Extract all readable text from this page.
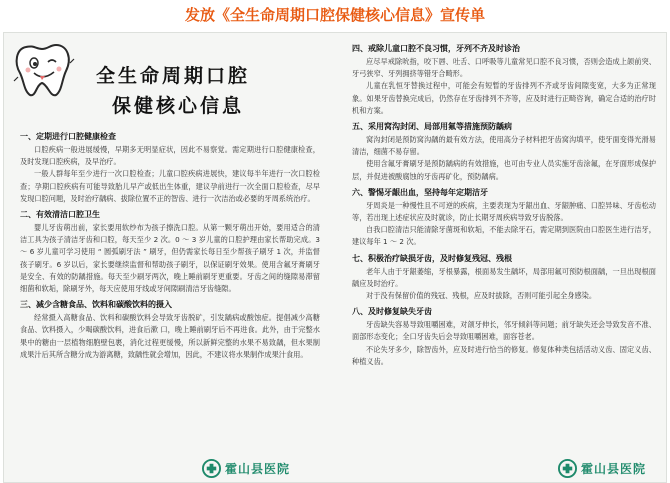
发放《全生命周期口腔保健核心信息》宣传单
全生命周期口腔
保健核心信息
一、定期进行口腔健康检查

口腔疾病一般进展缓慢，早期多无明显症状，因此不易察觉。需定期进行口腔健康检查，及时发现口腔疾病，及早治疗。

一般人群每年至少进行一次口腔检查；儿童口腔疾病进展快，建议每半年进行一次口腔检查；孕期口腔疾病有可能导致胎儿早产或低出生体重，建议孕前进行一次全面口腔检查，尽早发现口腔问题，及时治疗龋病、拔除位置不正的智齿、进行一次洁治或必要的牙周系统治疗。

二、有效清洁口腔卫生

婴儿牙齿萌出前，家长要用软纱布为孩子擦洗口腔。从第一颗牙萌出开始，要用适合的清洁工具为孩子清洁牙齿和口腔，每天至少 2 次。0 ～ 3 岁儿童的口腔护理由家长帮助完成。3 ～ 6 岁儿童可学习使用 “ 圆弧刷牙法 ” 刷牙，但仍需家长每日至少帮孩子刷牙 1 次，并监督孩子刷牙。6 岁以后，家长要继续监督和帮助孩子刷牙，以保证刷牙效果。使用含氟牙膏刷牙是安全、有效的防龋措施。每天至少刷牙两次，晚上睡前刷牙更重要。牙齿之间的缝隙易滞留细菌和软垢，除刷牙外，每天应使用牙线或牙间隙刷清洁牙齿缝隙。

三、减少含糖食品、饮料和碳酸饮料的摄入

经常摄入高糖食品、饮料和碳酸饮料会导致牙齿脱矿，引发龋病或酸蚀症。提倡减少高糖食品、饮料摄入，少喝碳酸饮料，进食后漱 口，晚上睡前刷牙后不再进食。此外，由于完整水果中的糖由一层植物细胞壁包裹，消化过程更缓慢，所以新鲜完整的水果不易致龋，但水果制成果汁后其所含糖分成为游离糖，致龋性就会增加，因此，不建议将水果制作成果汁食用。

霍山县医院
四、戒除儿童口腔不良习惯，牙列不齐及时诊治

应尽早戒除吮指，咬下唇、吐舌、口呼吸等儿童常见口腔不良习惯，否则会造成上颌前突、牙弓狭窄、牙列拥挤等错牙合畸形。

儿童在乳恒牙替换过程中，可能会有短暂的牙齿排列不齐或牙齿间隙变宽，大多为正常现象。如果牙齿替换完成后，仍然存在牙齿排列不齐等，应及时进行正畸咨询，确定合适的治疗时机和方案。

五、采用窝沟封闭、局部用氟等措施预防龋病

窝沟封闭是预防窝沟龋的最有效方法，使用高分子材料把牙齿窝沟填平，使牙面变得光滑易清洁，细菌不易存留。

使用含氟牙膏刷牙是预防龋病的有效措施，也可由专业人员实施牙齿涂氟，在牙面形成保护层，并促进被酸腐蚀的牙齿再矿化，预防龋病。

六、警惕牙龈出血，坚持每年定期洁牙

牙周炎是一种慢性且不可逆的疾病，主要表现为牙龈出血、牙龈肿痛、口腔异味、牙齿松动等，若出现上述症状应及时就诊，防止长期牙周疾病导致牙齿脱落。

自我口腔清洁只能清除牙菌斑和软垢，不能去除牙石，需定期到医院由口腔医生进行洁牙，建议每年 1 ～ 2 次。

七、积极治疗缺损牙齿，及时修复残冠、残根

老年人由于牙龈萎缩，牙根暴露，根面易发生龋坏，局部用氟可预防根面龋，一旦出现根面龋应及时治疗。

对于没有保留价值的残冠、残根，应及时拔除，否则可能引起全身感染。

八、及时修复缺失牙齿

牙齿缺失容易导致咀嚼困难，对颌牙伸长，邻牙倾斜等问题；前牙缺失还会导致发音不准、面部形态变化；全口牙齿失后会导致咀嚼困难，面容苍老。

不论失牙多少，除智齿外，应及时进行恰当的修复。修复体种类包括活动义齿、固定义齿、种植义齿。

霍山县医院
